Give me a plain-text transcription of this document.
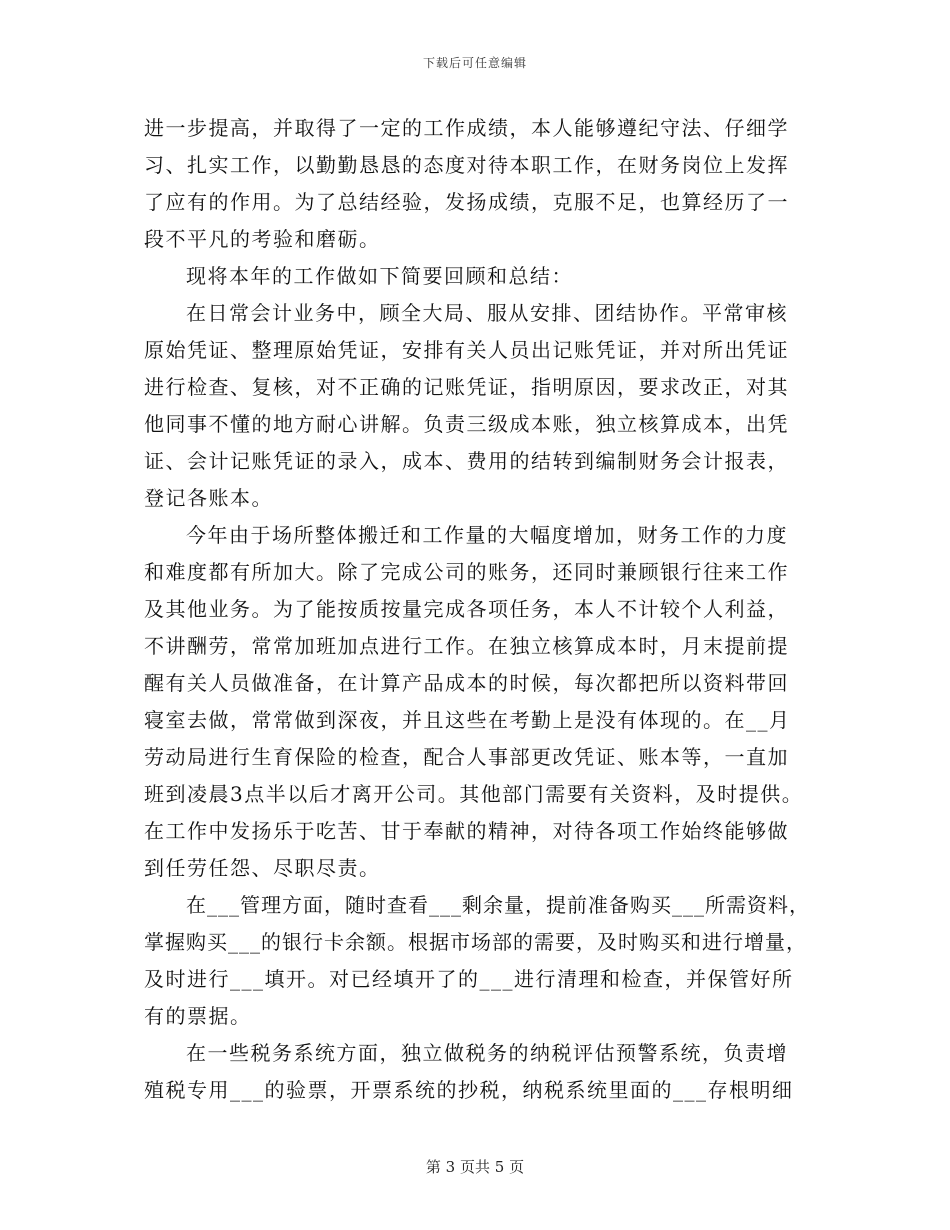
下载后可任意编辑
进一步提高，并取得了一定的工作成绩，本人能够遵纪守法、仔细学
习、扎实工作，以勤勤恳恳的态度对待本职工作，在财务岗位上发挥
了应有的作用。为了总结经验，发扬成绩，克服不足，也算经历了一
段不平凡的考验和磨砺。
现将本年的工作做如下简要回顾和总结：
在日常会计业务中，顾全大局、服从安排、团结协作。平常审核
原始凭证、整理原始凭证，安排有关人员出记账凭证，并对所出凭证
进行检查、复核，对不正确的记账凭证，指明原因，要求改正，对其
他同事不懂的地方耐心讲解。负责三级成本账，独立核算成本，出凭
证、会计记账凭证的录入，成本、费用的结转到编制财务会计报表，
登记各账本。
今年由于场所整体搬迁和工作量的大幅度增加，财务工作的力度
和难度都有所加大。除了完成公司的账务，还同时兼顾银行往来工作
及其他业务。为了能按质按量完成各项任务，本人不计较个人利益，
不讲酬劳，常常加班加点进行工作。在独立核算成本时，月末提前提
醒有关人员做准备，在计算产品成本的时候，每次都把所以资料带回
寝室去做，常常做到深夜，并且这些在考勤上是没有体现的。在__月
劳动局进行生育保险的检查，配合人事部更改凭证、账本等，一直加
班到凌晨3点半以后才离开公司。其他部门需要有关资料，及时提供。
在工作中发扬乐于吃苦、甘于奉献的精神，对待各项工作始终能够做
到任劳任怨、尽职尽责。
在___管理方面，随时查看___剩余量，提前准备购买___所需资料，
掌握购买___的银行卡余额。根据市场部的需要，及时购买和进行增量，
及时进行___填开。对已经填开了的___进行清理和检查，并保管好所
有的票据。
在一些税务系统方面，独立做税务的纳税评估预警系统，负责增
殖税专用___的验票，开票系统的抄税，纳税系统里面的___存根明细
第 3 页共 5 页
